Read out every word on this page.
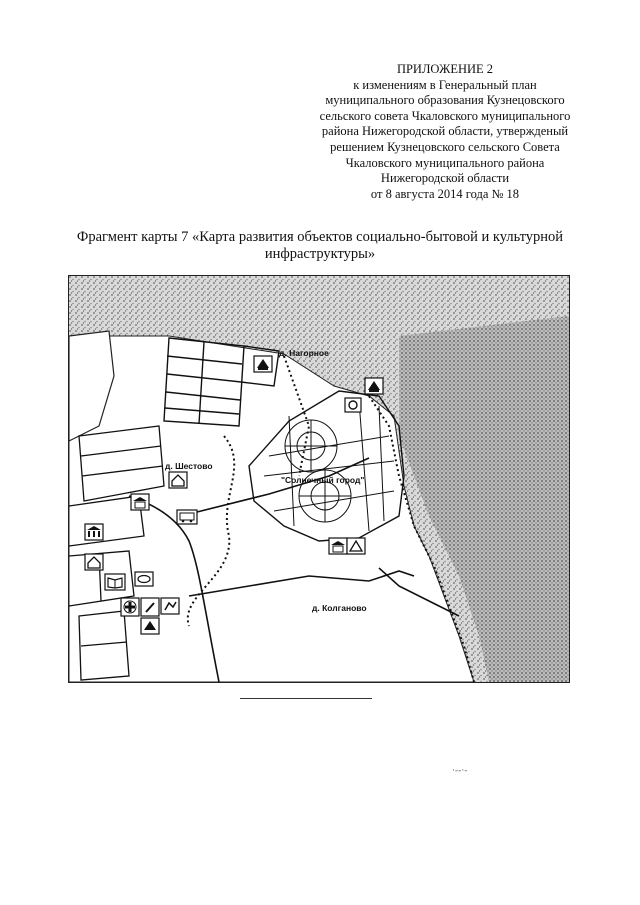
ПРИЛОЖЕНИЕ 2
к изменениям в Генеральный план
муниципального образования Кузнецовского
сельского совета Чкаловского муниципального
района Нижегородской области, утвержденый
решением Кузнецовского сельского Совета
Чкаловского муниципального района
Нижегородской области
от 8 августа 2014 года № 18
Фрагмент карты 7 «Карта развития объектов социально-бытовой и культурной
инфраструктуры»
д. Нагорное
д. Шестово
"Солнечный город"
д. Колганово
·--·-
